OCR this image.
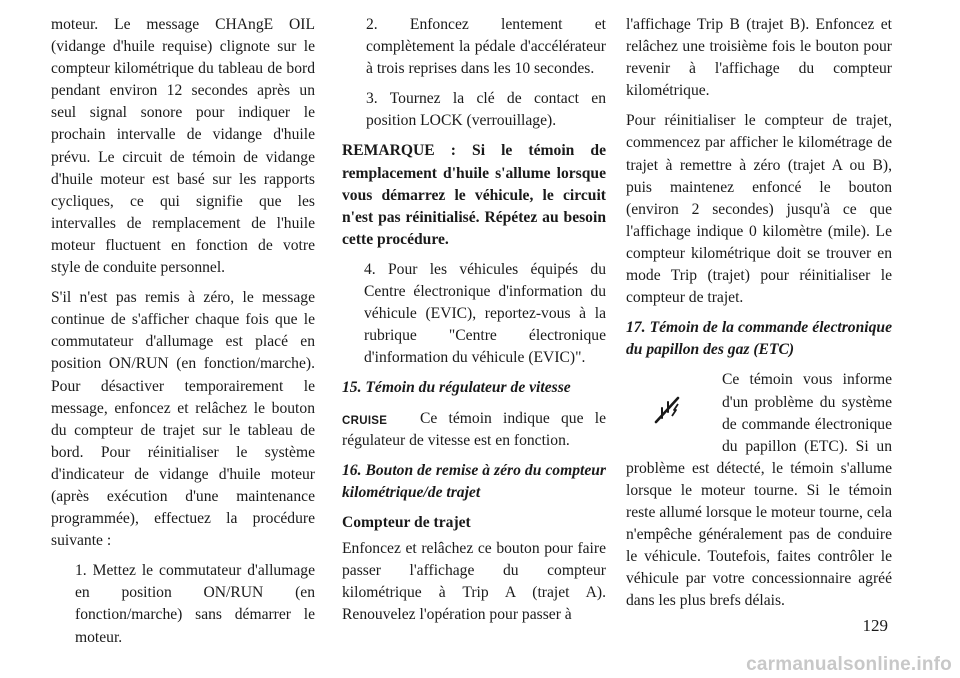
moteur. Le message CHAngE OIL (vidange d'huile requise) clignote sur le compteur kilométrique du tableau de bord pendant environ 12 secondes après un seul signal sonore pour indiquer le prochain intervalle de vidange d'huile prévu. Le circuit de témoin de vidange d'huile moteur est basé sur les rapports cycliques, ce qui signifie que les intervalles de remplacement de l'huile moteur fluctuent en fonction de votre style de conduite personnel.

S'il n'est pas remis à zéro, le message continue de s'afficher chaque fois que le commutateur d'allumage est placé en position ON/RUN (en fonction/marche). Pour désactiver temporairement le message, enfoncez et relâchez le bouton du compteur de trajet sur le tableau de bord. Pour réinitialiser le système d'indicateur de vidange d'huile moteur (après exécution d'une maintenance programmée), effectuez la procédure suivante :

1. Mettez le commutateur d'allumage en position ON/RUN (en fonction/marche) sans démarrer le moteur.

2. Enfoncez lentement et complètement la pédale d'accélérateur à trois reprises dans les 10 secondes.

3. Tournez la clé de contact en position LOCK (verrouillage).

REMARQUE : Si le témoin de remplacement d'huile s'allume lorsque vous démarrez le véhicule, le circuit n'est pas réinitialisé. Répétez au besoin cette procédure.

4. Pour les véhicules équipés du Centre électronique d'information du véhicule (EVIC), reportez-vous à la rubrique "Centre électronique d'information du véhicule (EVIC)".

15. Témoin du régulateur de vitesse

CRUISE	Ce témoin indique que le régulateur de vitesse est en fonction.

16. Bouton de remise à zéro du compteur kilométrique/de trajet

Compteur de trajet

Enfoncez et relâchez ce bouton pour faire passer l'affichage du compteur kilométrique à Trip A (trajet A). Renouvelez l'opération pour passer à

l'affichage Trip B (trajet B). Enfoncez et relâchez une troisième fois le bouton pour revenir à l'affichage du compteur kilométrique.

Pour réinitialiser le compteur de trajet, commencez par afficher le kilométrage de trajet à remettre à zéro (trajet A ou B), puis maintenez enfoncé le bouton (environ 2 secondes) jusqu'à ce que l'affichage indique 0 kilomètre (mile). Le compteur kilométrique doit se trouver en mode Trip (trajet) pour réinitialiser le compteur de trajet.

17. Témoin de la commande électronique du papillon des gaz (ETC)

Ce témoin vous informe d'un problème du système de commande électronique du papillon (ETC). Si un problème est détecté, le témoin s'allume lorsque le moteur tourne. Si le témoin reste allumé lorsque le moteur tourne, cela n'empêche généralement pas de conduire le véhicule. Toutefois, faites contrôler le véhicule par votre concessionnaire agréé dans les plus brefs délais.

129
carmanualsonline.info
